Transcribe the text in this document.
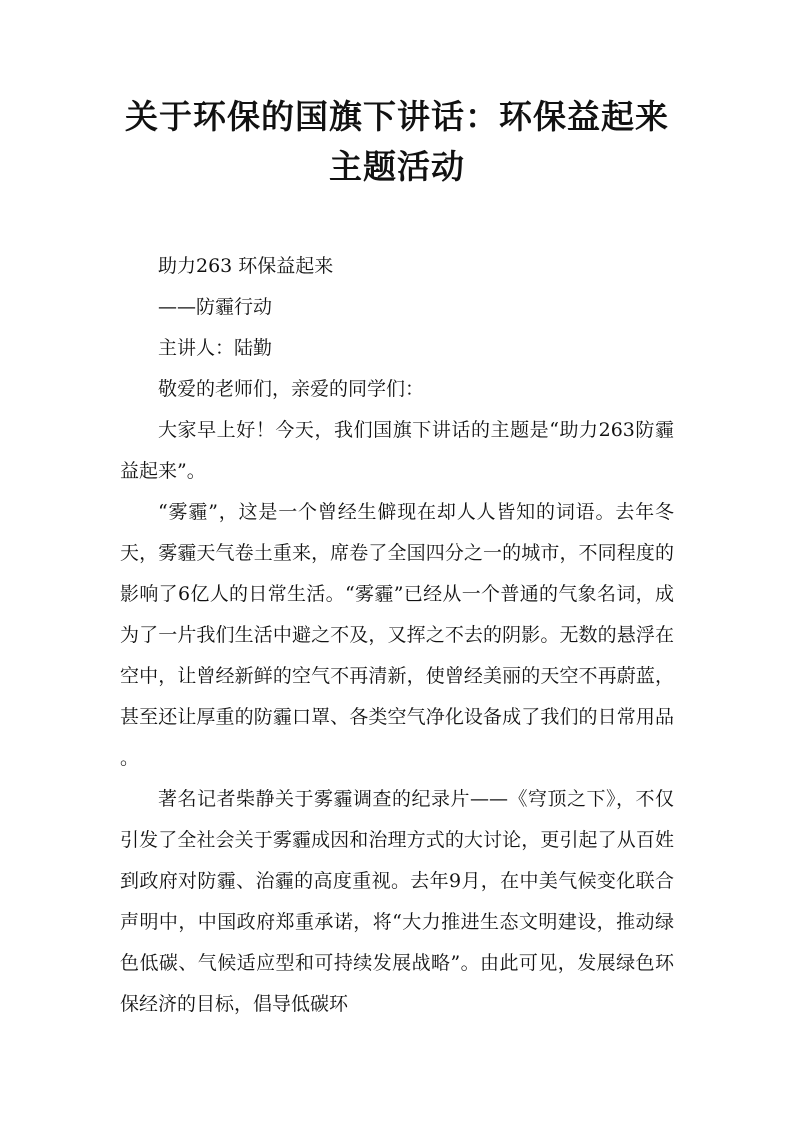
关于环保的国旗下讲话：环保益起来主题活动

助力263 环保益起来

——防霾行动

主讲人：陆勤

敬爱的老师们，亲爱的同学们：

大家早上好！今天，我们国旗下讲话的主题是“助力263防霾益起来”。

“雾霾”，这是一个曾经生僻现在却人人皆知的词语。去年冬天，雾霾天气卷土重来，席卷了全国四分之一的城市，不同程度的影响了6亿人的日常生活。“雾霾”已经从一个普通的气象名词，成为了一片我们生活中避之不及，又挥之不去的阴影。无数的悬浮在空中，让曾经新鲜的空气不再清新，使曾经美丽的天空不再蔚蓝，甚至还让厚重的防霾口罩、各类空气净化设备成了我们的日常用品 。

著名记者柴静关于雾霾调查的纪录片——《穹顶之下》，不仅引发了全社会关于雾霾成因和治理方式的大讨论，更引起了从百姓到政府对防霾、治霾的高度重视。去年9月，在中美气候变化联合声明中，中国政府郑重承诺，将“大力推进生态文明建设，推动绿色低碳、气候适应型和可持续发展战略”。由此可见，发展绿色环保经济的目标，倡导低碳环
